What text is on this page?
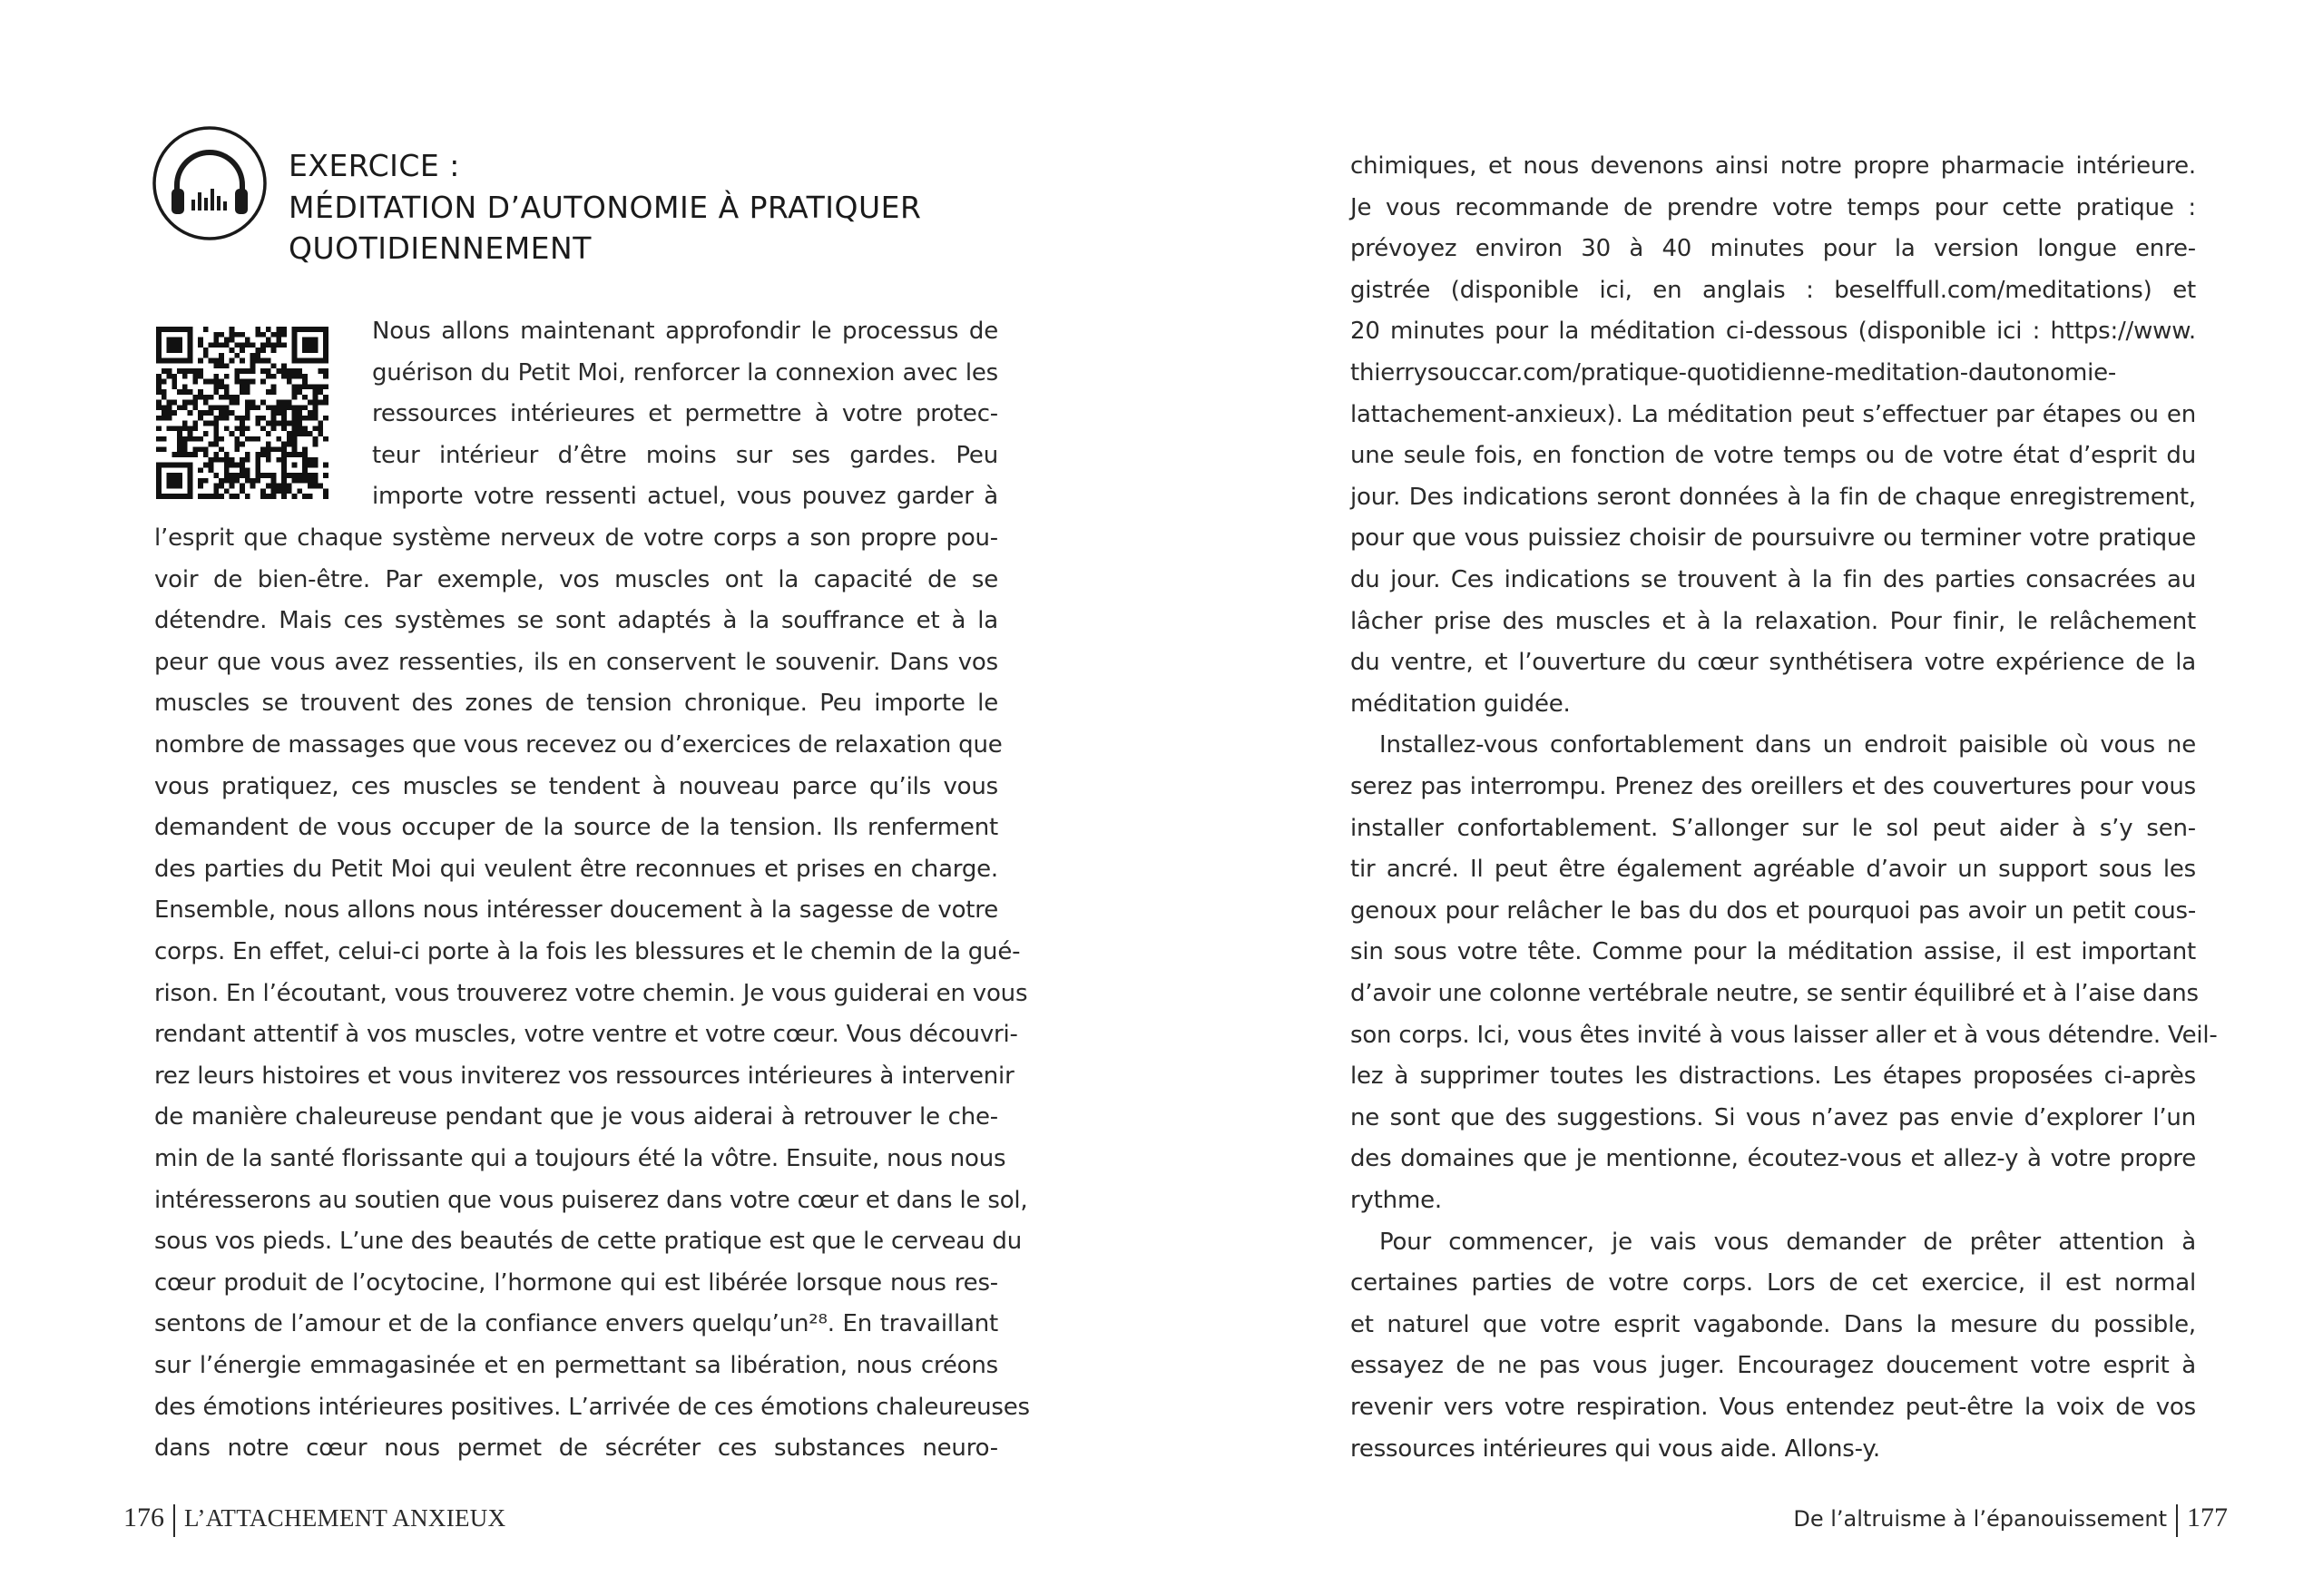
EXERCICE :
MÉDITATION D’AUTONOMIE À PRATIQUER
QUOTIDIENNEMENT
Nous allons maintenant approfondir le processus de
guérison du Petit Moi, renforcer la connexion avec les
ressources intérieures et permettre à votre protec-
teur intérieur d’être moins sur ses gardes. Peu
importe votre ressenti actuel, vous pouvez garder à
l’esprit que chaque système nerveux de votre corps a son propre pou-
voir de bien-être. Par exemple, vos muscles ont la capacité de se
détendre. Mais ces systèmes se sont adaptés à la souffrance et à la
peur que vous avez ressenties, ils en conservent le souvenir. Dans vos
muscles se trouvent des zones de tension chronique. Peu importe le
nombre de massages que vous recevez ou d’exercices de relaxation que
vous pratiquez, ces muscles se tendent à nouveau parce qu’ils vous
demandent de vous occuper de la source de la tension. Ils renferment
des parties du Petit Moi qui veulent être reconnues et prises en charge.
Ensemble, nous allons nous intéresser doucement à la sagesse de votre
corps. En effet, celui-ci porte à la fois les blessures et le chemin de la gué-
rison. En l’écoutant, vous trouverez votre chemin. Je vous guiderai en vous
rendant attentif à vos muscles, votre ventre et votre cœur. Vous découvri-
rez leurs histoires et vous inviterez vos ressources intérieures à intervenir
de manière chaleureuse pendant que je vous aiderai à retrouver le che-
min de la santé florissante qui a toujours été la vôtre. Ensuite, nous nous
intéresserons au soutien que vous puiserez dans votre cœur et dans le sol,
sous vos pieds. L’une des beautés de cette pratique est que le cerveau du
cœur produit de l’ocytocine, l’hormone qui est libérée lorsque nous res-
sentons de l’amour et de la confiance envers quelqu’un²⁸. En travaillant
sur l’énergie emmagasinée et en permettant sa libération, nous créons
des émotions intérieures positives. L’arrivée de ces émotions chaleureuses
dans notre cœur nous permet de sécréter ces substances neuro-
176 L’ATTACHEMENT ANXIEUX
chimiques, et nous devenons ainsi notre propre pharmacie intérieure.
Je vous recommande de prendre votre temps pour cette pratique :
prévoyez environ 30 à 40 minutes pour la version longue enre-
gistrée (disponible ici, en anglais : beselffull.com/meditations) et
20 minutes pour la méditation ci-dessous (disponible ici : https://www.
thierrysouccar.com/pratique-quotidienne-meditation-dautonomie-
lattachement-anxieux). La méditation peut s’effectuer par étapes ou en
une seule fois, en fonction de votre temps ou de votre état d’esprit du
jour. Des indications seront données à la fin de chaque enregistrement,
pour que vous puissiez choisir de poursuivre ou terminer votre pratique
du jour. Ces indications se trouvent à la fin des parties consacrées au
lâcher prise des muscles et à la relaxation. Pour finir, le relâchement
du ventre, et l’ouverture du cœur synthétisera votre expérience de la
méditation guidée.
Installez-vous confortablement dans un endroit paisible où vous ne
serez pas interrompu. Prenez des oreillers et des couvertures pour vous
installer confortablement. S’allonger sur le sol peut aider à s’y sen-
tir ancré. Il peut être également agréable d’avoir un support sous les
genoux pour relâcher le bas du dos et pourquoi pas avoir un petit cous-
sin sous votre tête. Comme pour la méditation assise, il est important
d’avoir une colonne vertébrale neutre, se sentir équilibré et à l’aise dans
son corps. Ici, vous êtes invité à vous laisser aller et à vous détendre. Veil-
lez à supprimer toutes les distractions. Les étapes proposées ci-après
ne sont que des suggestions. Si vous n’avez pas envie d’explorer l’un
des domaines que je mentionne, écoutez-vous et allez-y à votre propre
rythme.
Pour commencer, je vais vous demander de prêter attention à
certaines parties de votre corps. Lors de cet exercice, il est normal
et naturel que votre esprit vagabonde. Dans la mesure du possible,
essayez de ne pas vous juger. Encouragez doucement votre esprit à
revenir vers votre respiration. Vous entendez peut-être la voix de vos
ressources intérieures qui vous aide. Allons-y.
De l’altruisme à l’épanouissement 177
